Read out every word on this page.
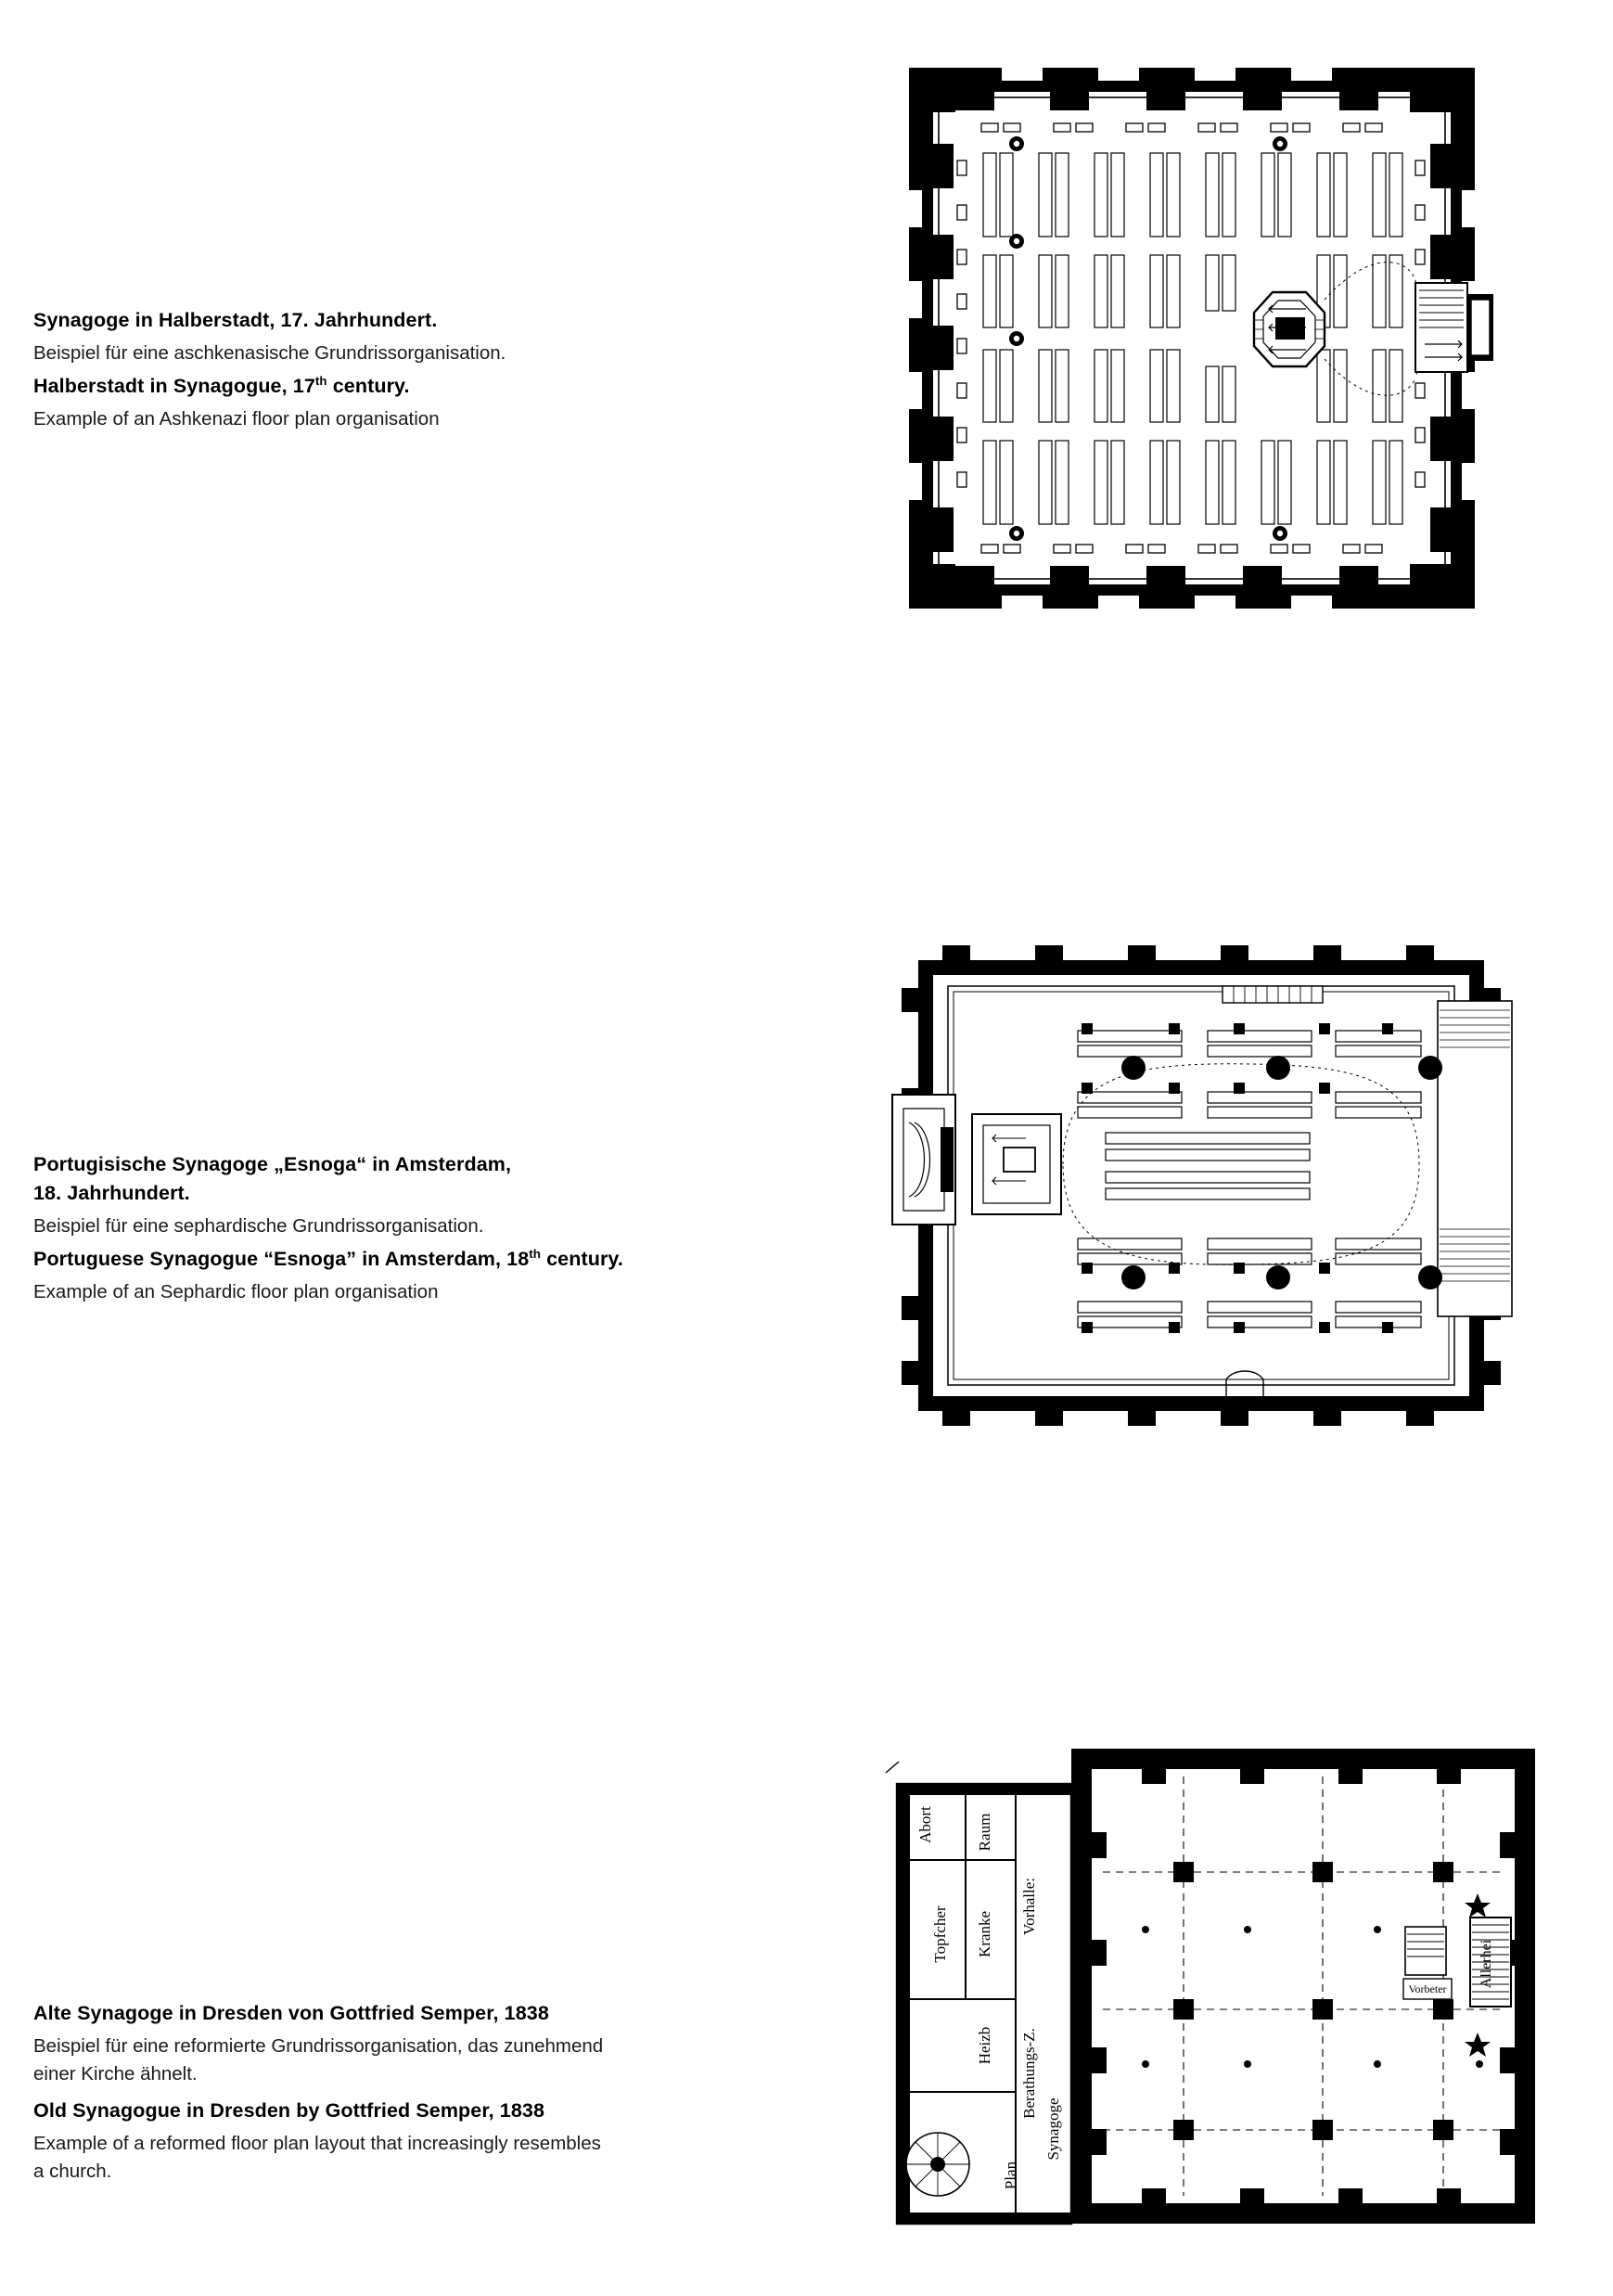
Synagoge in Halberstadt, 17. Jahrhundert.
Beispiel für eine aschkenasische Grundrissorganisation.
Halberstadt in Synagogue, 17th century.
Example of an Ashkenazi floor plan organisation
Portugisische Synagoge „Esnoga“ in Amsterdam,
18. Jahrhundert.
Beispiel für eine sephardische Grundrissorganisation.
Portuguese Synagogue “Esnoga” in Amsterdam, 18th century.
Example of an Sephardic floor plan organisation
Alte Synagoge in Dresden von Gottfried Semper, 1838
Beispiel für eine reformierte Grundrissorganisation, das zunehmend
einer Kirche ähnelt.
Old Synagogue in Dresden by Gottfried Semper, 1838
Example of a reformed floor plan layout that increasingly resembles
a church.
Allerhei
Vorbeter
Abort
Topfcher
Raum
Kranke
Heizb
Vorhalle:
Berathungs-Z.
Synagoge
Plan
